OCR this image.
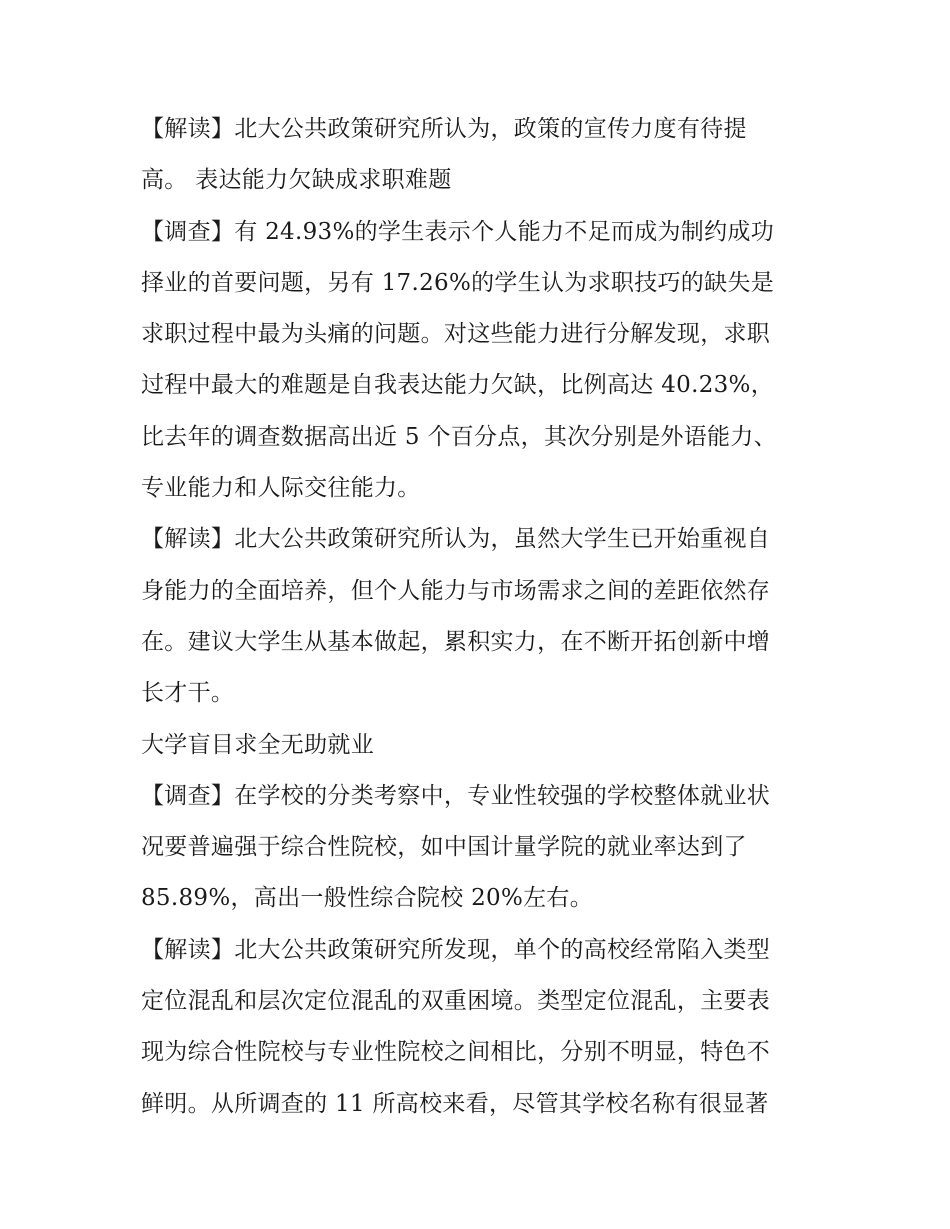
【解读】北大公共政策研究所认为，政策的宣传力度有待提
高。 表达能力欠缺成求职难题
【调查】有 24.93%的学生表示个人能力不足而成为制约成功
择业的首要问题，另有 17.26%的学生认为求职技巧的缺失是
求职过程中最为头痛的问题。对这些能力进行分解发现，求职
过程中最大的难题是自我表达能力欠缺，比例高达 40.23%，
比去年的调查数据高出近 5 个百分点，其次分别是外语能力、
专业能力和人际交往能力。
【解读】北大公共政策研究所认为，虽然大学生已开始重视自
身能力的全面培养，但个人能力与市场需求之间的差距依然存
在。建议大学生从基本做起，累积实力，在不断开拓创新中增
长才干。
大学盲目求全无助就业
【调查】在学校的分类考察中，专业性较强的学校整体就业状
况要普遍强于综合性院校，如中国计量学院的就业率达到了
85.89%，高出一般性综合院校 20%左右。
【解读】北大公共政策研究所发现，单个的高校经常陷入类型
定位混乱和层次定位混乱的双重困境。类型定位混乱，主要表
现为综合性院校与专业性院校之间相比，分别不明显，特色不
鲜明。从所调查的 11 所高校来看，尽管其学校名称有很显著
